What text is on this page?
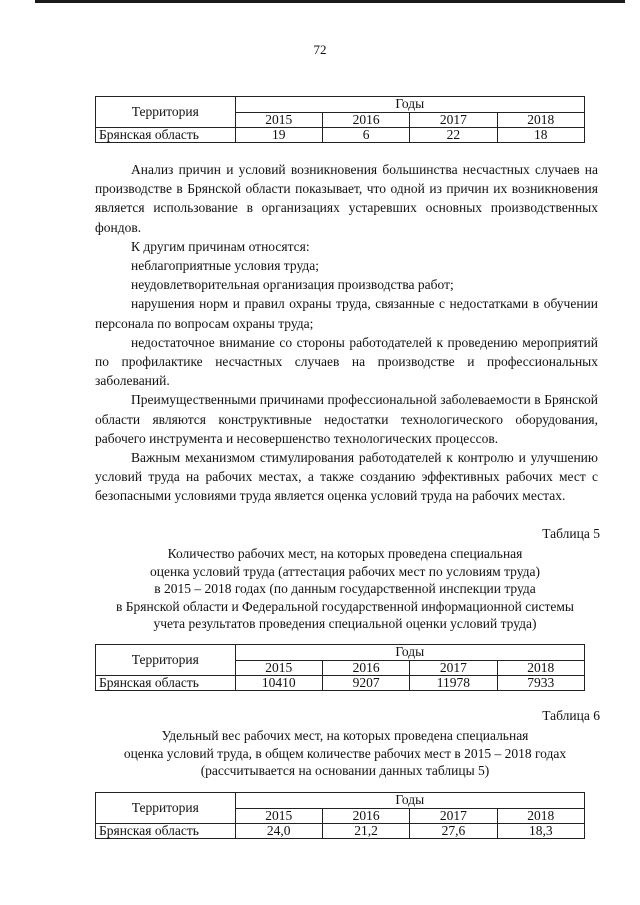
72
Территория	Годы			
	2015	2016	2017	2018
Брянская область	19	6	22	18

Анализ причин и условий возникновения большинства несчастных случаев на производстве в Брянской области показывает, что одной из причин их возникновения является использование в организациях устаревших основных производственных фондов.

К другим причинам относятся:

неблагоприятные условия труда;

неудовлетворительная организация производства работ;

нарушения норм и правил охраны труда, связанные с недостатками в обучении персонала по вопросам охраны труда;

недостаточное внимание со стороны работодателей к проведению мероприятий по профилактике несчастных случаев на производстве и профессиональных заболеваний.

Преимущественными причинами профессиональной заболеваемости в Брянской области являются конструктивные недостатки технологического оборудования, рабочего инструмента и несовершенство технологических процессов.

Важным механизмом стимулирования работодателей к контролю и улучшению условий труда на рабочих местах, а также созданию эффективных рабочих мест с безопасными условиями труда является оценка условий труда на рабочих местах.

Таблица 5
Количество рабочих мест, на которых проведена специальная
оценка условий труда (аттестация рабочих мест по условиям труда)
в 2015 – 2018 годах (по данным государственной инспекции труда
в Брянской области и Федеральной государственной информационной системы
учета результатов проведения специальной оценки условий труда)
Территория	Годы			
	2015	2016	2017	2018
Брянская область	10410	9207	11978	7933
Таблица 6
Удельный вес рабочих мест, на которых проведена специальная
оценка условий труда, в общем количестве рабочих мест в 2015 – 2018 годах
(рассчитывается на основании данных таблицы 5)
Территория	Годы			
	2015	2016	2017	2018
Брянская область	24,0	21,2	27,6	18,3
